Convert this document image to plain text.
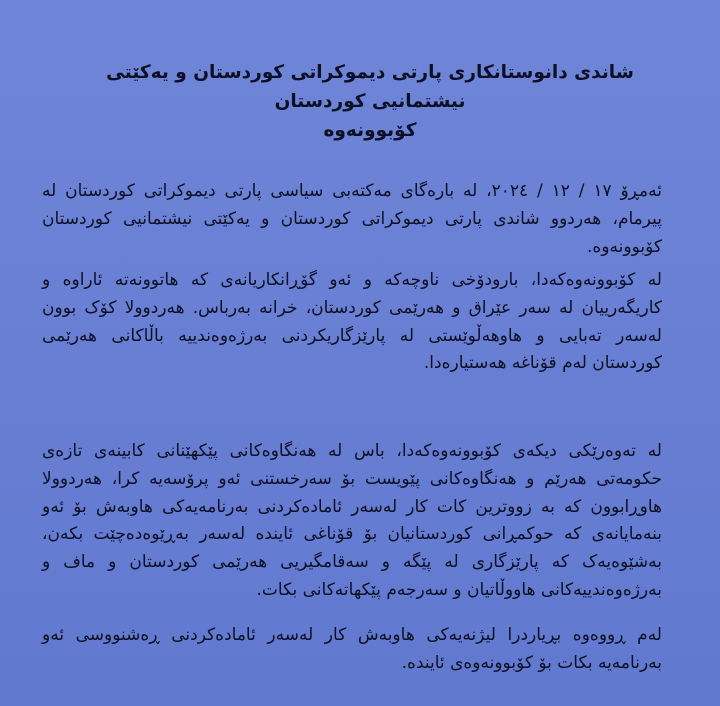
شاندی دانوستانکاری پارتی دیموکراتی کوردستان و یەکێتی نیشتمانیی کوردستان
کۆبوونەوە
ئەمڕۆ ١٧ / ١٢ / ٢٠٢٤، لە بارەگای مەکتەبی سیاسی پارتی دیموکراتی کوردستان لە پیرمام، هەردوو شاندی پارتی دیموکراتی کوردستان و یەکێتی نیشتمانیی کوردستان کۆبوونەوە.
لە کۆبوونەوەکەدا، بارودۆخی ناوچەکە و ئەو گۆڕانکاریانەی کە هاتوونەتە ئاراوە و کاریگەرییان لە سەر عێراق و هەرێمی کوردستان، خرانە بەرباس. هەردوولا کۆک بوون لەسەر تەبایی و هاوهەڵوێستی لە پارێزگاریکردنی بەرژەوەندییە باڵاکانی هەرێمی کوردستان لەم قۆناغە هەستیارەدا.
لە تەوەرێکی دیکەی کۆبوونەوەکەدا، باس لە هەنگاوەکانی پێکهێنانی کابینەی تازەی حکومەتی هەرێم و هەنگاوەکانی پێویست بۆ سەرخستنی ئەو پرۆسەیە کرا، هەردوولا هاوڕابوون کە بە زووترین کات کار لەسەر ئامادەکردنی بەرنامەیەکی هاوبەش بۆ ئەو بنەمایانەی کە حوکمڕانی کوردستانیان بۆ قۆناغی ئایندە لەسەر بەڕێوەدەچێت بکەن، بەشێوەیەک کە پارێزگاری لە پێگە و سەقامگیریی هەرێمی کوردستان و ماف و بەرژەوەندییەکانی هاووڵاتیان و سەرجەم پێکهاتەکانی بکات.
لەم ڕووەوە بڕیاردرا لیژنەیەکی هاوبەش کار لەسەر ئامادەکردنی ڕەشنووسی ئەو بەرنامەیە بکات بۆ کۆبوونەوەی ئایندە.
